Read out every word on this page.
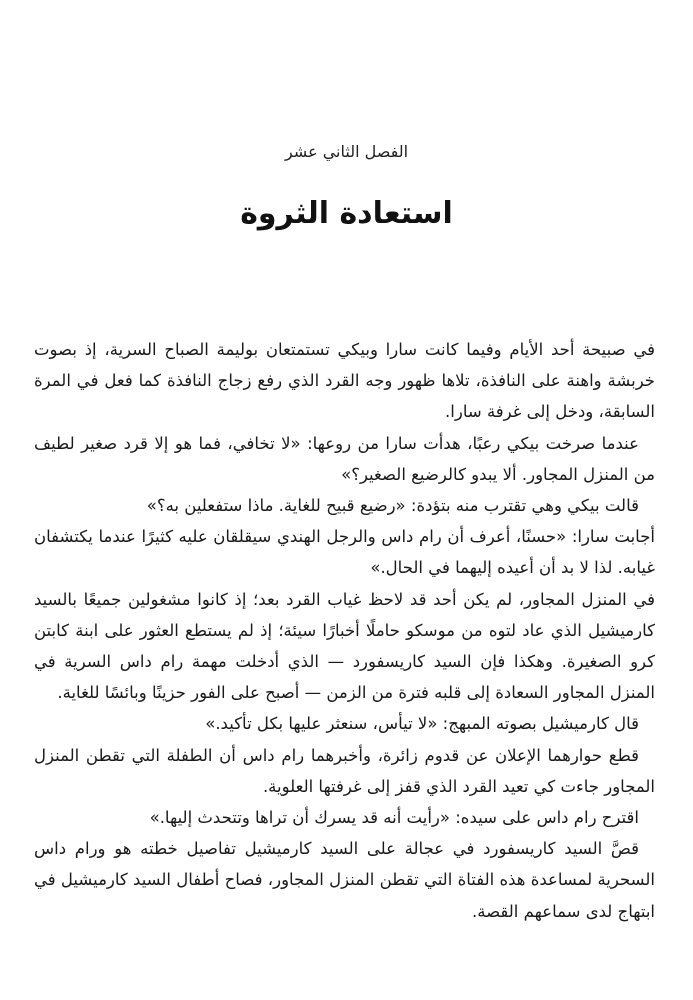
الفصل الثاني عشر
استعادة الثروة

في صبيحة أحد الأيام وفيما كانت سارا وبيكي تستمتعان بوليمة الصباح السرية، إذ بصوت خربشة واهنة على النافذة، تلاها ظهور وجه القرد الذي رفع زجاج النافذة كما فعل في المرة السابقة، ودخل إلى غرفة سارا.

عندما صرخت بيكي رعبًا، هدأت سارا من روعها: «لا تخافي، فما هو إلا قرد صغير لطيف من المنزل المجاور. ألا يبدو كالرضيع الصغير؟»

قالت بيكي وهي تقترب منه بتؤدة: «رضيع قبيح للغاية. ماذا ستفعلين به؟»

أجابت سارا: «حسنًا، أعرف أن رام داس والرجل الهندي سيقلقان عليه كثيرًا عندما يكتشفان غيابه. لذا لا بد أن أعيده إليهما في الحال.»

في المنزل المجاور، لم يكن أحد قد لاحظ غياب القرد بعد؛ إذ كانوا مشغولين جميعًا بالسيد كارميشيل الذي عاد لتوه من موسكو حاملًا أخبارًا سيئة؛ إذ لم يستطع العثور على ابنة كابتن كرو الصغيرة. وهكذا فإن السيد كاريسفورد — الذي أدخلت مهمة رام داس السرية في المنزل المجاور السعادة إلى قلبه فترة من الزمن — أصبح على الفور حزينًا وبائسًا للغاية.

قال كارميشيل بصوته المبهج: «لا تيأس، سنعثر عليها بكل تأكيد.»

قطع حوارهما الإعلان عن قدوم زائرة، وأخبرهما رام داس أن الطفلة التي تقطن المنزل المجاور جاءت كي تعيد القرد الذي قفز إلى غرفتها العلوية.

اقترح رام داس على سيده: «رأيت أنه قد يسرك أن تراها وتتحدث إليها.»

قصَّ السيد كاريسفورد في عجالة على السيد كارميشيل تفاصيل خطته هو ورام داس السحرية لمساعدة هذه الفتاة التي تقطن المنزل المجاور، فصاح أطفال السيد كارميشيل في ابتهاج لدى سماعهم القصة.
